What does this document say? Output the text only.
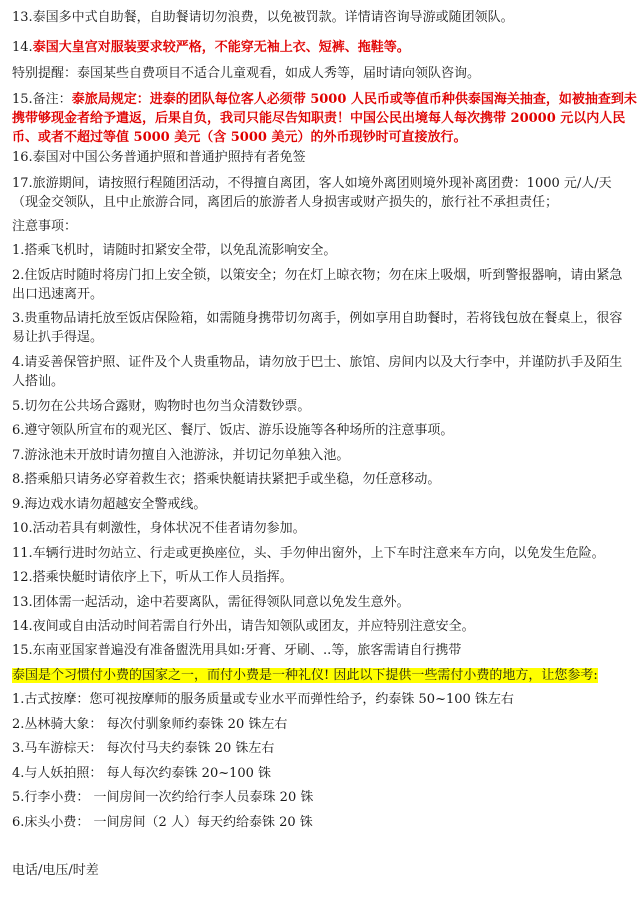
13.泰国多中式自助餐，自助餐请切勿浪费，以免被罚款。详情请咨询导游或随团领队。
14.泰国大皇宫对服装要求较严格，不能穿无袖上衣、短裤、拖鞋等。
特别提醒：泰国某些自费项目不适合儿童观看，如成人秀等，届时请向领队咨询。
15.备注：泰旅局规定：进泰的团队每位客人必须带 5000 人民币或等值币种供泰国海关抽查，如被抽查到未
携带够现金者给予遣返，后果自负，我司只能尽告知职责！中国公民出境每人每次携带 20000 元以内人民
币、或者不超过等值 5000 美元（含 5000 美元）的外币现钞时可直接放行。
16.泰国对中国公务普通护照和普通护照持有者免签
17.旅游期间，请按照行程随团活动，不得擅自离团，客人如境外离团则境外现补离团费：1000 元/人/天
（现金交领队，且中止旅游合同，离团后的旅游者人身损害或财产损失的，旅行社不承担责任；
注意事项：
1.搭乘飞机时，请随时扣紧安全带，以免乱流影响安全。
2.住饭店时随时将房门扣上安全锁，以策安全；勿在灯上晾衣物；勿在床上吸烟，听到警报器响，请由紧急
出口迅速离开。
3.贵重物品请托放至饭店保险箱，如需随身携带切勿离手，例如享用自助餐时，若将钱包放在餐桌上，很容
易让扒手得逞。
4.请妥善保管护照、证件及个人贵重物品，请勿放于巴士、旅馆、房间内以及大行李中，并谨防扒手及陌生
人搭讪。
5.切勿在公共场合露财，购物时也勿当众清数钞票。
6.遵守领队所宣布的观光区、餐厅、饭店、游乐设施等各种场所的注意事项。
7.游泳池未开放时请勿擅自入池游泳，并切记勿单独入池。
8.搭乘船只请务必穿着救生衣；搭乘快艇请扶紧把手或坐稳，勿任意移动。
9.海边戏水请勿超越安全警戒线。
10.活动若具有刺激性，身体状况不佳者请勿参加。
11.车辆行进时勿站立、行走或更换座位，头、手勿伸出窗外，上下车时注意来车方向，以免发生危险。
12.搭乘快艇时请依序上下，听从工作人员指挥。
13.团体需一起活动，途中若要离队，需征得领队同意以免发生意外。
14.夜间或自由活动时间若需自行外出，请告知领队或团友，并应特别注意安全。
15.东南亚国家普遍没有准备盥洗用具如:牙膏、牙刷、..等，旅客需请自行携带
泰国是个习惯付小费的国家之一，而付小费是一种礼仪! 因此以下提供一些需付小费的地方，让您参考:
1.古式按摩：您可视按摩师的服务质量或专业水平而弹性给予，约泰铢 50~100 铢左右
2.丛林骑大象： 每次付驯象师约泰铢 20 铢左右
3.马车游棕天： 每次付马夫约泰铢 20 铢左右
4.与人妖拍照： 每人每次约泰铢 20~100 铢
5.行李小费： 一间房间一次约给行李人员泰珠 20 铢
6.床头小费： 一间房间（2 人）每天约给泰铢 20 铢
电话/电压/时差
